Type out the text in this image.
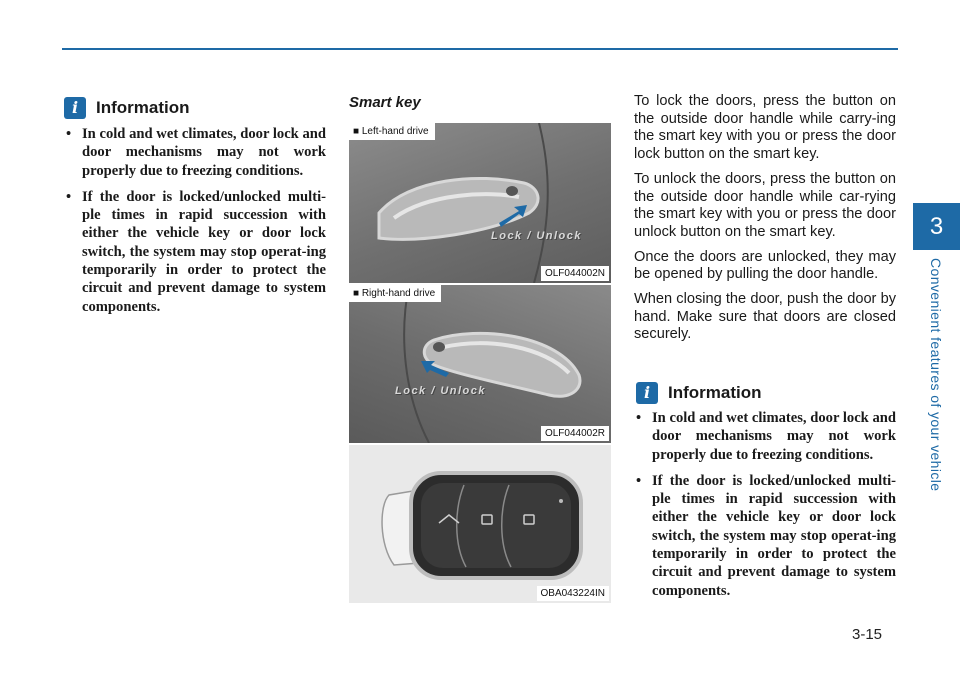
3
Convenient features of your vehicle
i	Information
• In cold and wet climates, door lock and door mechanisms may not work properly due to freezing conditions.
• If the door is locked/unlocked multi-ple times in rapid succession with either the vehicle key or door lock switch, the system may stop operat-ing temporarily in order to protect the circuit and prevent damage to system components.
Smart key
■ Left-hand drive
Lock / Unlock
OLF044002N
■ Right-hand drive
Lock / Unlock
OLF044002R
OBA043224IN

To lock the doors, press the button on the outside door handle while carry-ing the smart key with you or press the door lock button on the smart key.

To unlock the doors, press the button on the outside door handle while car-rying the smart key with you or press the door unlock button on the smart key.

Once the doors are unlocked, they may be opened by pulling the door handle.

When closing the door, push the door by hand. Make sure that doors are closed securely.

i	Information
• In cold and wet climates, door lock and door mechanisms may not work properly due to freezing conditions.
• If the door is locked/unlocked multi-ple times in rapid succession with either the vehicle key or door lock switch, the system may stop operat-ing temporarily in order to protect the circuit and prevent damage to system components.
3-15
